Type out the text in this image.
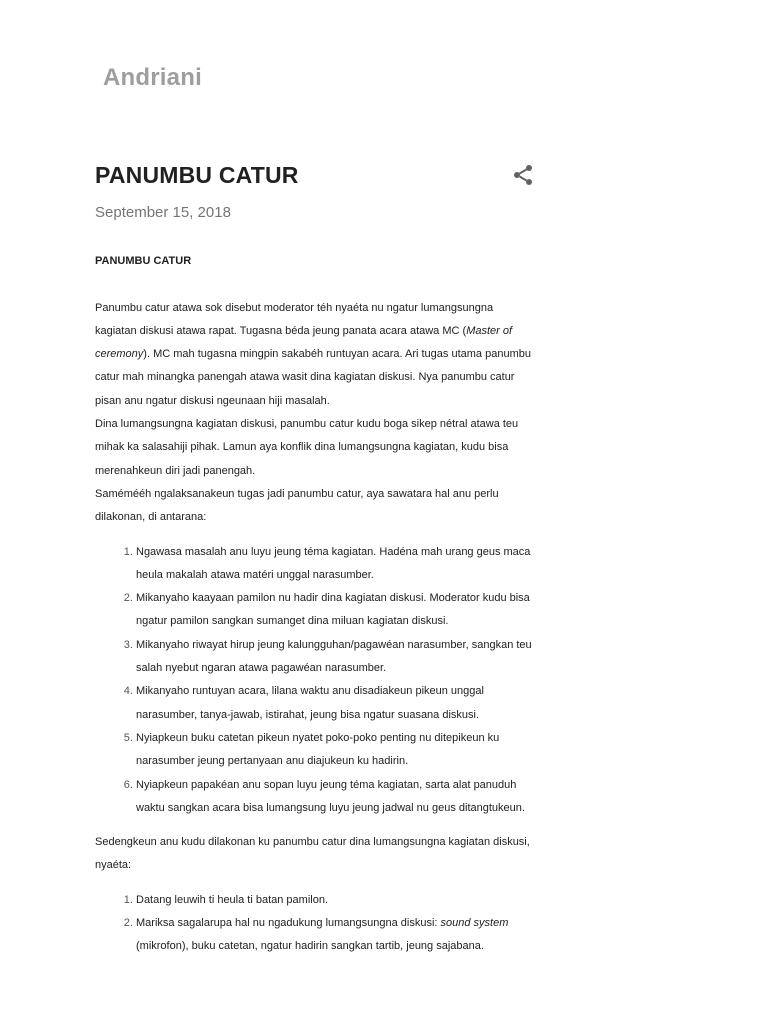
Andriani
PANUMBU CATUR
September 15, 2018

PANUMBU CATUR

Panumbu catur atawa sok disebut moderator téh nyaéta nu ngatur lumangsungna kagiatan diskusi atawa rapat. Tugasna béda jeung panata acara atawa MC (Master of ceremony). MC mah tugasna mingpin sakabéh runtuyan acara. Ari tugas utama panumbu catur mah minangka panengah atawa wasit dina kagiatan diskusi. Nya panumbu catur pisan anu ngatur diskusi ngeunaan hiji masalah.

Dina lumangsungna kagiatan diskusi, panumbu catur kudu boga sikep nétral atawa teu mihak ka salasahiji pihak. Lamun aya konflik dina lumangsungna kagiatan, kudu bisa merenahkeun diri jadi panengah.

Samémééh ngalaksanakeun tugas jadi panumbu catur, aya sawatara hal anu perlu dilakonan, di antarana:

1. Ngawasa masalah anu luyu jeung téma kagiatan. Hadéna mah urang geus maca heula makalah atawa matéri unggal narasumber.
2. Mikanyaho kaayaan pamilon nu hadir dina kagiatan diskusi. Moderator kudu bisa ngatur pamilon sangkan sumanget dina miluan kagiatan diskusi.
3. Mikanyaho riwayat hirup jeung kalungguhan/pagawéan narasumber, sangkan teu salah nyebut ngaran atawa pagawéan narasumber.
4. Mikanyaho runtuyan acara, lilana waktu anu disadiakeun pikeun unggal narasumber, tanya-jawab, istirahat, jeung bisa ngatur suasana diskusi.
5. Nyiapkeun buku catetan pikeun nyatet poko-poko penting nu ditepikeun ku narasumber jeung pertanyaan anu diajukeun ku hadirin.
6. Nyiapkeun papakéan anu sopan luyu jeung téma kagiatan, sarta alat panuduh waktu sangkan acara bisa lumangsung luyu jeung jadwal nu geus ditangtukeun.

Sedengkeun anu kudu dilakonan ku panumbu catur dina lumangsungna kagiatan diskusi, nyaéta:

1. Datang leuwih ti heula ti batan pamilon.
2. Mariksa sagalarupa hal nu ngadukung lumangsungna diskusi: sound system (mikrofon), buku catetan, ngatur hadirin sangkan tartib, jeung sajabana.
